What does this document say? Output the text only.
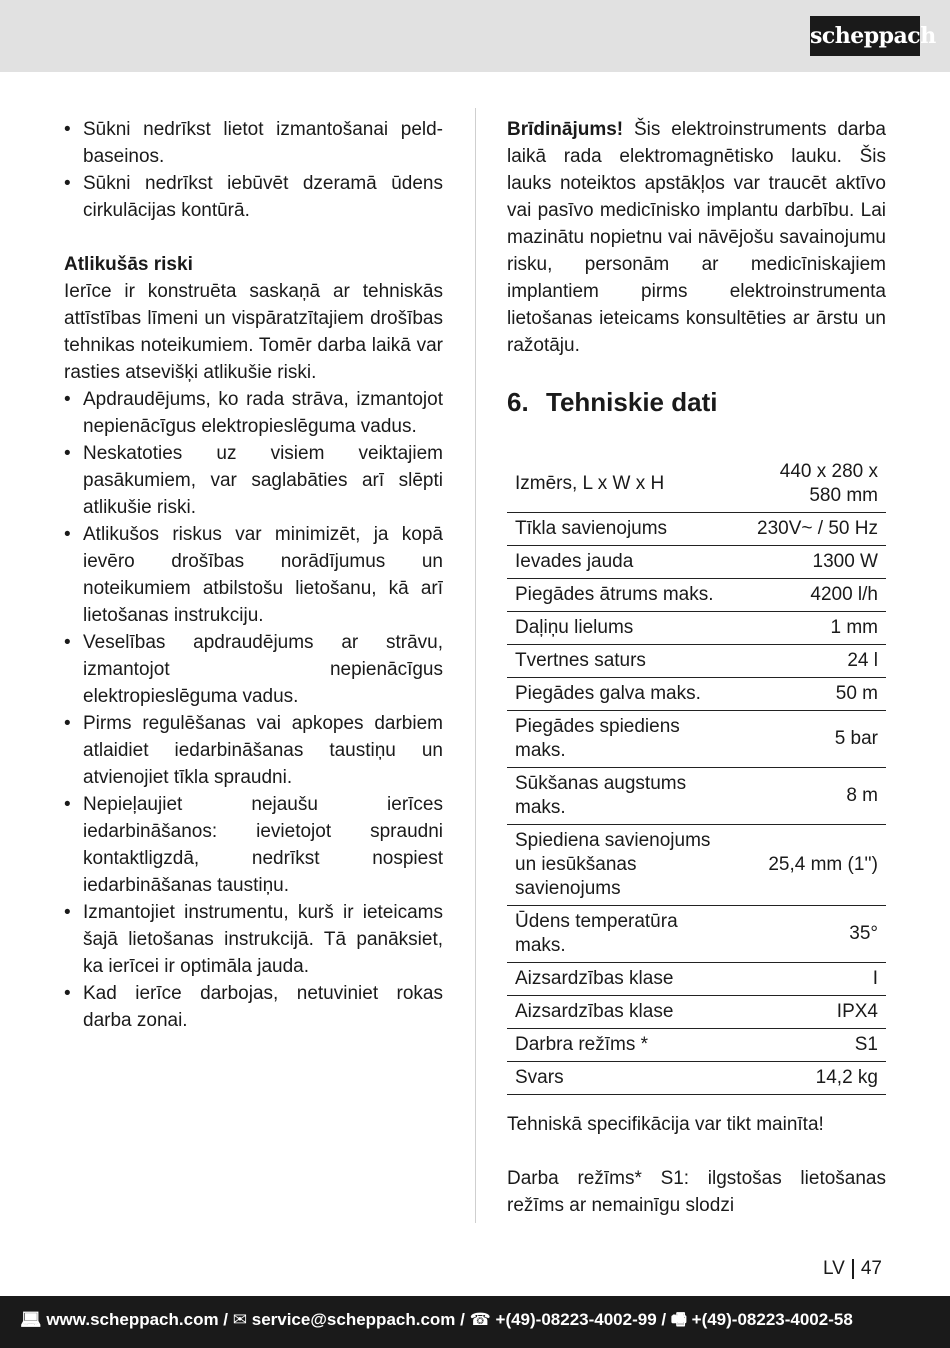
scheppach
• Sūkni nedrīkst lietot izmantošanai peld-baseinos.
• Sūkni nedrīkst iebūvēt dzeramā ūdens cirkulācijas kontūrā.
Atlikušās riski
Ierīce ir konstruēta saskaņā ar tehniskās attīstības līmeni un vispāratzītajiem drošības tehnikas noteikumiem. Tomēr darba laikā var rasties atsevišķi atlikušie riski.
• Apdraudējums, ko rada strāva, izmantojot nepienācīgus elektropieslēguma vadus.
• Neskatoties uz visiem veiktajiem pasākumiem, var saglabāties arī slēpti atlikušie riski.
• Atlikušos riskus var minimizēt, ja kopā ievēro drošības norādījumus un noteikumiem atbilstošu lietošanu, kā arī lietošanas instrukciju.
• Veselības apdraudējums ar strāvu, izmantojot nepienācīgus elektropieslēguma vadus.
• Pirms regulēšanas vai apkopes darbiem atlaidiet iedarbināšanas taustiņu un atvienojiet tīkla spraudni.
• Nepieļaujiet nejaušu ierīces iedarbināšanos: ievietojot spraudni kontaktligzdā, nedrīkst nospiest iedarbināšanas taustiņu.
• Izmantojiet instrumentu, kurš ir ieteicams šajā lietošanas instrukcijā. Tā panāksiet, ka ierīcei ir optimāla jauda.
• Kad ierīce darbojas, netuviniet rokas darba zonai.
Brīdinājums! Šis elektroinstruments darba laikā rada elektromagnētisko lauku. Šis lauks noteiktos apstākļos var traucēt aktīvo vai pasīvo medicīnisko implantu darbību. Lai mazinātu nopietnu vai nāvējošu savainojumu risku, personām ar medicīniskajiem implantiem pirms elektroinstrumenta lietošanas ieteicams konsultēties ar ārstu un ražotāju.
6. Tehniskie dati
Izmērs, L x W x H	440 x 280 x 580 mm
Tīkla savienojums	230V~ / 50 Hz
Ievades jauda	1300 W
Piegādes ātrums maks.	4200 l/h
Daļiņu lielums	1 mm
Tvertnes saturs	24 l
Piegādes galva maks.	50 m
Piegādes spiediens maks.	5 bar
Sūkšanas augstums maks.	8 m
Spiediena savienojums un iesūkšanas savienojums	25,4 mm (1'')
Ūdens temperatūra maks.	35°
Aizsardzības klase	I
Aizsardzības klase	IPX4
Darbra režīms *	S1
Svars	14,2 kg
Tehniskā specifikācija var tikt mainīta!
Darba režīms* S1: ilgstošas lietošanas režīms ar nemainīgu slodzi
LV 47
💻︎ www.scheppach.com / ✉︎ service@scheppach.com / ☎︎ +(49)-08223-4002-99 / 🖷︎ +(49)-08223-4002-58
